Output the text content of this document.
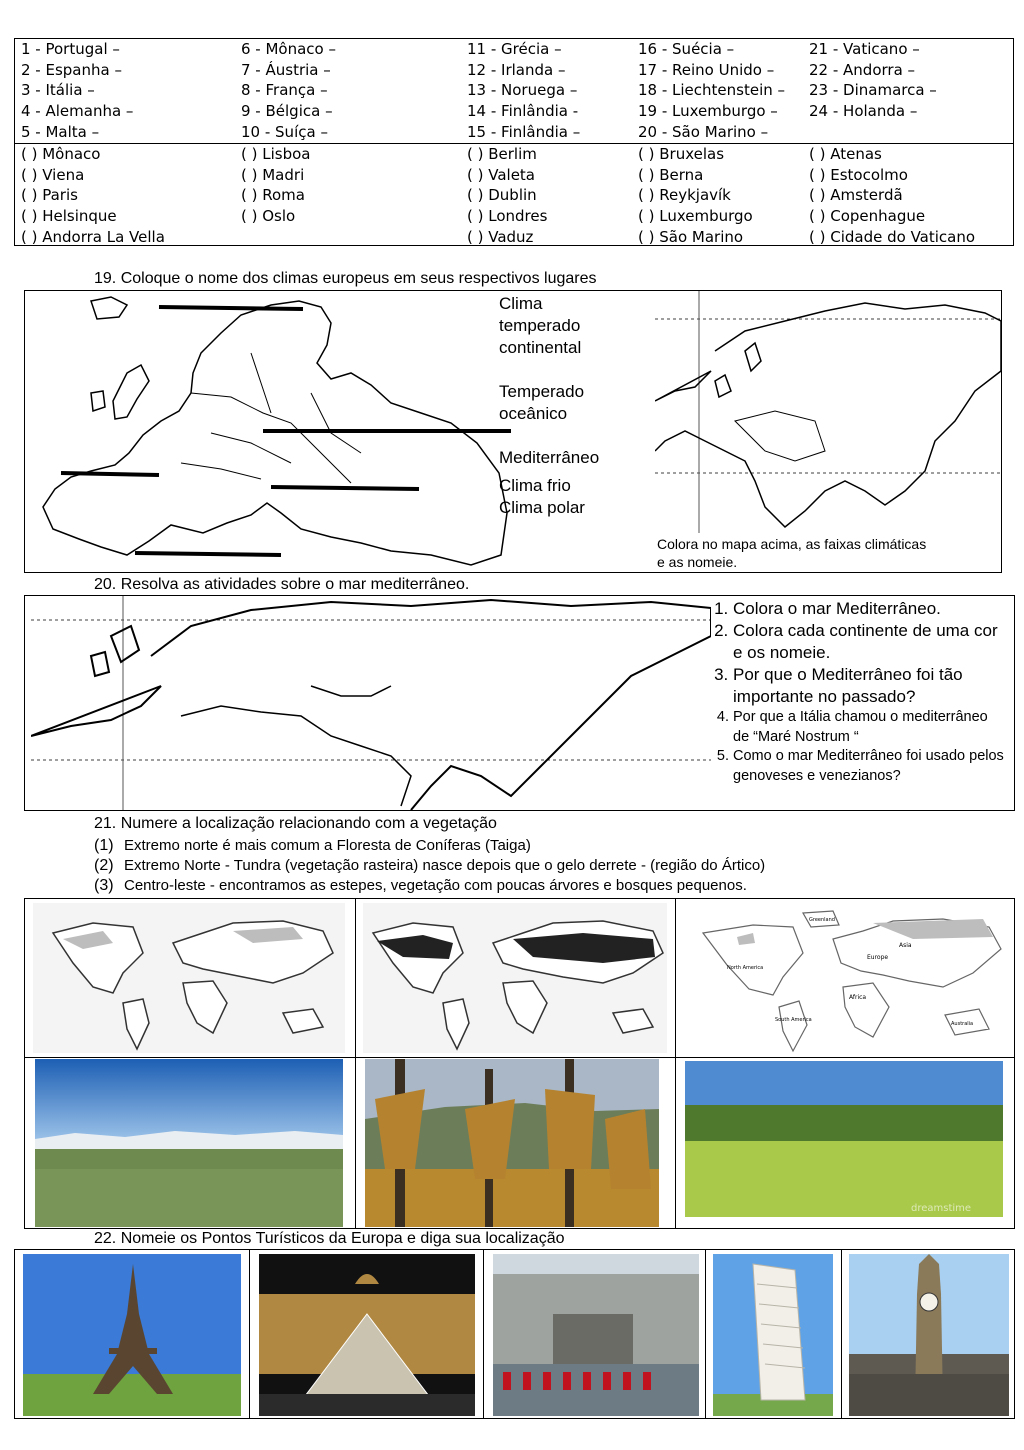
1 - Portugal –
2 - Espanha –
3 - Itália –
4 - Alemanha –
5 - Malta –
6 - Mônaco –
7 - Áustria –
8 - França –
9 - Bélgica –
10 - Suíça –
11 - Grécia –
12 - Irlanda –
13 - Noruega –
14 - Finlândia -
15 - Finlândia –
16 - Suécia –
17 - Reino Unido –
18 - Liechtenstein –
19 - Luxemburgo –
20 - São Marino –
21 - Vaticano –
22 - Andorra –
23 - Dinamarca –
24 - Holanda –
( ) Mônaco
( ) Viena
( ) Paris
( ) Helsinque
( ) Andorra La Vella
( ) Lisboa
( ) Madri
( ) Roma
( ) Oslo
( ) Berlim
( ) Valeta
( ) Dublin
( ) Londres
( ) Vaduz
( ) Bruxelas
( ) Berna
( ) Reykjavík
( ) Luxemburgo
( ) São Marino
( ) Atenas
( ) Estocolmo
( ) Amsterdã
( ) Copenhague
( ) Cidade do Vaticano
19. Coloque o nome dos climas europeus em seus respectivos lugares
Clima
temperado
continental
Temperado
oceânico
Mediterrâneo
Clima frio
Clima polar
Colora no mapa acima, as faixas climáticas
e as nomeie.
20. Resolva as atividades sobre o mar mediterrâneo.
1. Colora o mar Mediterrâneo.
2. Colora cada continente de uma cor e os nomeie.
3. Por que o Mediterrâneo foi tão importante no passado?
4. Por que a Itália chamou o mediterrâneo de “Maré Nostrum “
5. Como o mar Mediterrâneo foi usado pelos genoveses e venezianos?
21. Numere a localização relacionando com a vegetação
(1) Extremo norte é mais comum a Floresta de Coníferas (Taiga)
(2) Extremo Norte - Tundra (vegetação rasteira) nasce depois que o gelo derrete - (região do Ártico)
(3) Centro-leste - encontramos as estepes, vegetação com poucas árvores e bosques pequenos.
Greenland
Asia
Europe
North America
Africa
South America
Australia
dreamstime
22. Nomeie os Pontos Turísticos da Europa e diga sua localização
